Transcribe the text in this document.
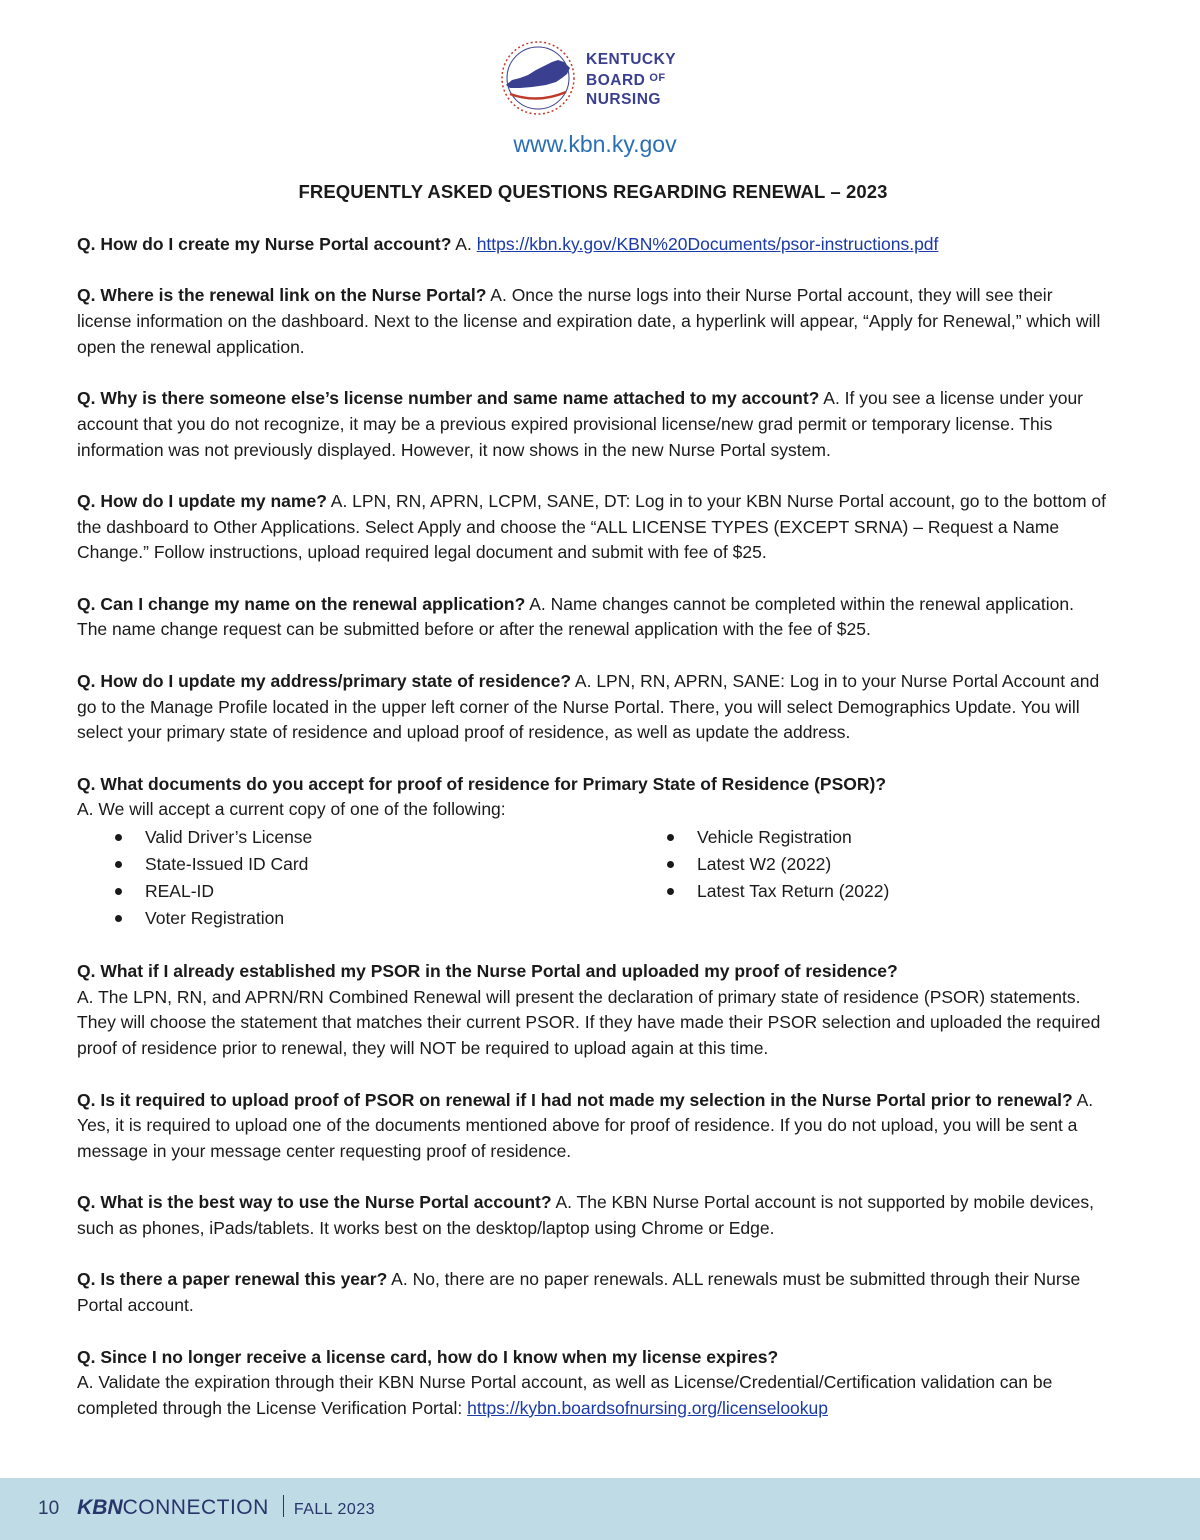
KENTUCKY
BOARD $^{OF}$
NURSING
www.kbn.ky.gov
FREQUENTLY ASKED QUESTIONS REGARDING RENEWAL – 2023

Q. How do I create my Nurse Portal account? A. https://kbn.ky.gov/KBN%20Documents/psor-instructions.pdf

Q. Where is the renewal link on the Nurse Portal? A. Once the nurse logs into their Nurse Portal account, they will see their license information on the dashboard. Next to the license and expiration date, a hyperlink will appear, “Apply for Renewal,” which will open the renewal application.

Q. Why is there someone else’s license number and same name attached to my account? A. If you see a license under your account that you do not recognize, it may be a previous expired provisional license/new grad permit or temporary license. This information was not previously displayed. However, it now shows in the new Nurse Portal system.

Q. How do I update my name? A. LPN, RN, APRN, LCPM, SANE, DT: Log in to your KBN Nurse Portal account, go to the bottom of the dashboard to Other Applications. Select Apply and choose the “ALL LICENSE TYPES (EXCEPT SRNA) – Request a Name Change.” Follow instructions, upload required legal document and submit with fee of $25.

Q. Can I change my name on the renewal application? A. Name changes cannot be completed within the renewal application. The name change request can be submitted before or after the renewal application with the fee of $25.

Q. How do I update my address/primary state of residence? A. LPN, RN, APRN, SANE: Log in to your Nurse Portal Account and go to the Manage Profile located in the upper left corner of the Nurse Portal. There, you will select Demographics Update. You will select your primary state of residence and upload proof of residence, as well as update the address.

Q. What documents do you accept for proof of residence for Primary State of Residence (PSOR)?
A. We will accept a current copy of one of the following:
Valid Driver’s License
State-Issued ID Card
REAL-ID
Voter Registration
Vehicle Registration
Latest W2 (2022)
Latest Tax Return (2022)
Q. What if I already established my PSOR in the Nurse Portal and uploaded my proof of residence?
A. The LPN, RN, and APRN/RN Combined Renewal will present the declaration of primary state of residence (PSOR) statements. They will choose the statement that matches their current PSOR. If they have made their PSOR selection and uploaded the required proof of residence prior to renewal, they will NOT be required to upload again at this time.

Q. Is it required to upload proof of PSOR on renewal if I had not made my selection in the Nurse Portal prior to renewal? A. Yes, it is required to upload one of the documents mentioned above for proof of residence. If you do not upload, you will be sent a message in your message center requesting proof of residence.

Q. What is the best way to use the Nurse Portal account? A. The KBN Nurse Portal account is not supported by mobile devices, such as phones, iPads/tablets. It works best on the desktop/laptop using Chrome or Edge.

Q. Is there a paper renewal this year? A. No, there are no paper renewals. ALL renewals must be submitted through their Nurse Portal account.

Q. Since I no longer receive a license card, how do I know when my license expires?
A. Validate the expiration through their KBN Nurse Portal account, as well as License/Credential/Certification validation can be completed through the License Verification Portal: https://kybn.boardsofnursing.org/licenselookup
10 KBN CONNECTION FALL 2023
